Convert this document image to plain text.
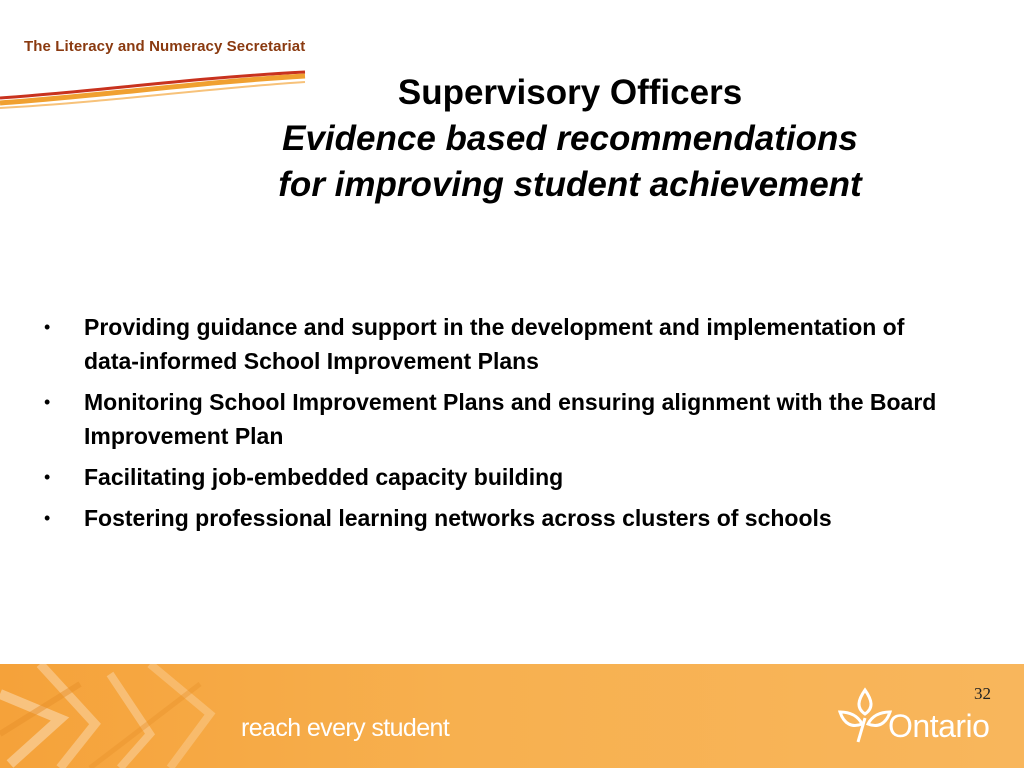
The Literacy and Numeracy Secretariat
Supervisory Officers
Evidence based recommendations
for improving student achievement
• Providing guidance and support in the development and implementation of data-informed School Improvement Plans
• Monitoring School Improvement Plans and ensuring alignment with the Board Improvement Plan
• Facilitating job-embedded capacity building
• Fostering professional learning networks across clusters of schools
reach every student
32
Ontario
